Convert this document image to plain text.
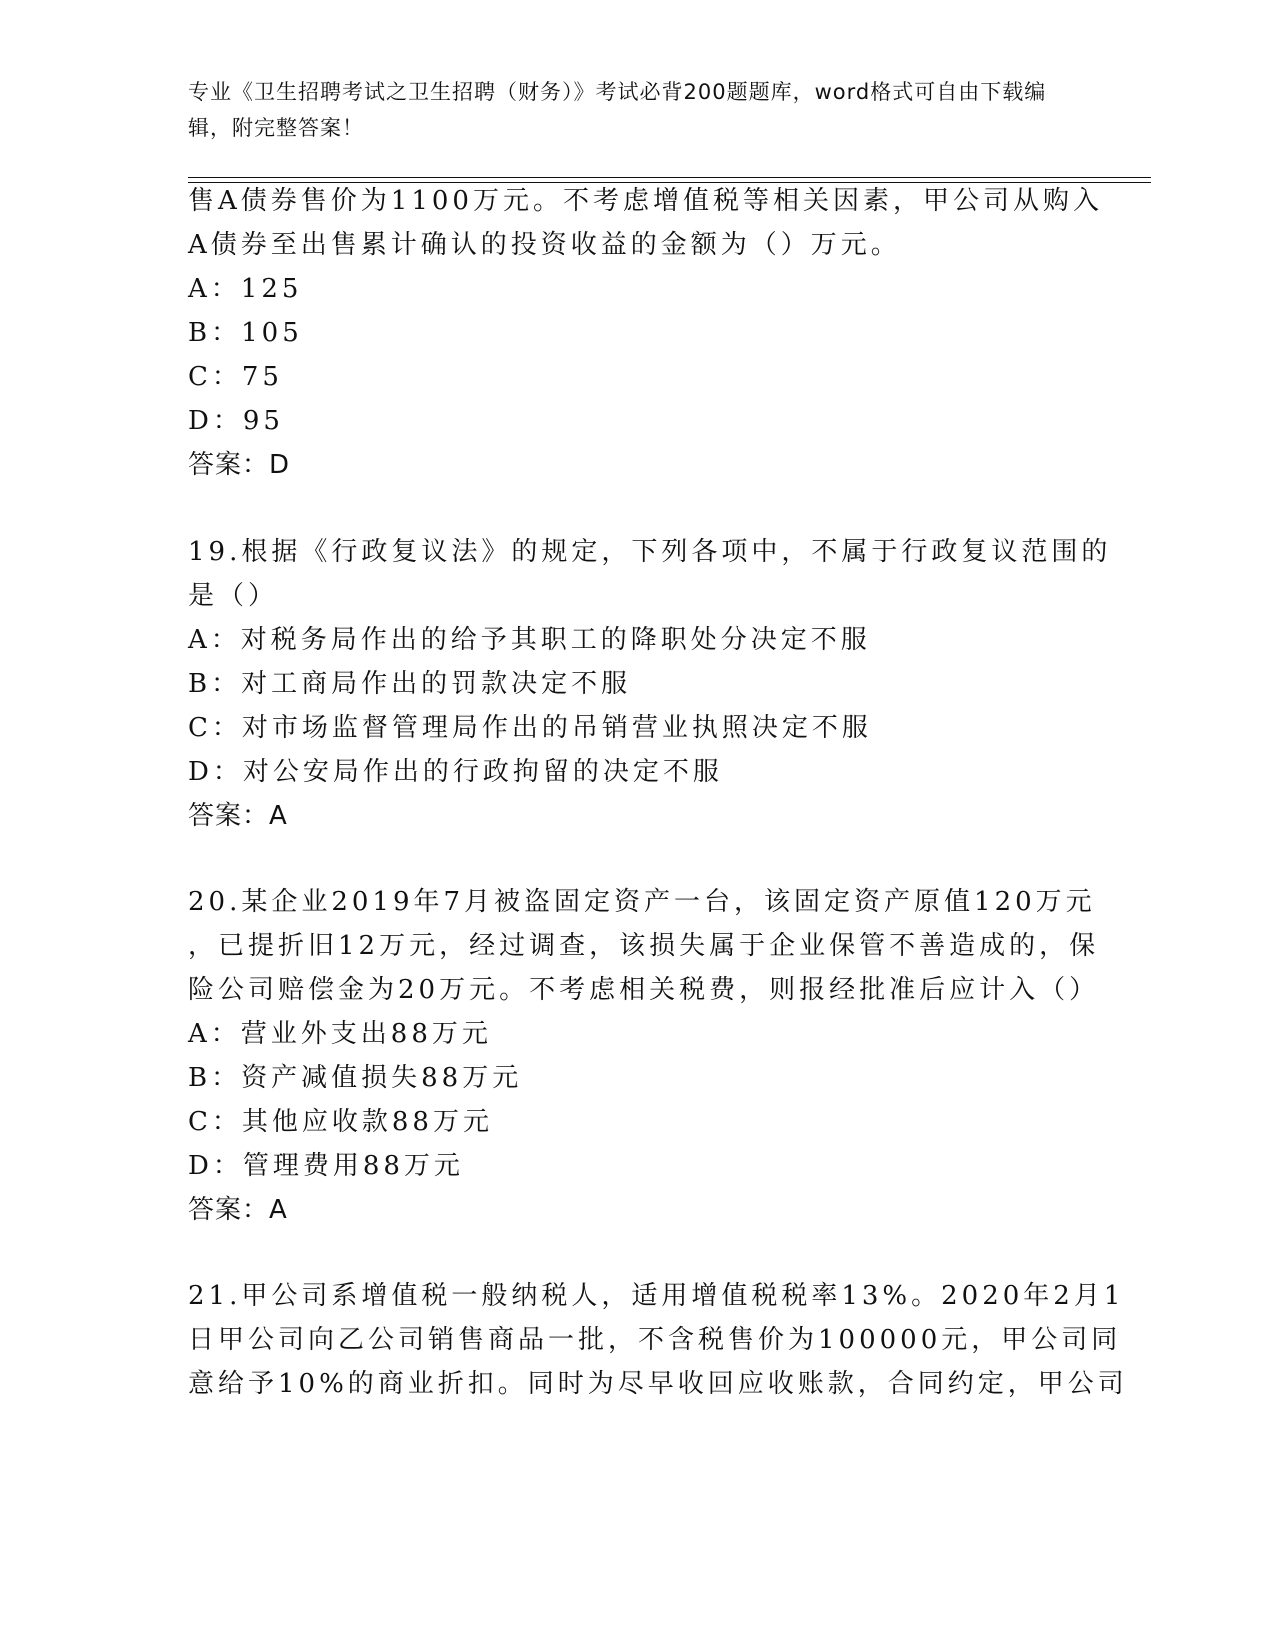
专业《卫生招聘考试之卫生招聘（财务）》考试必背200题题库，word格式可自由下载编辑，附完整答案！
售A债券售价为1100万元。不考虑增值税等相关因素，甲公司从购入
A债券至出售累计确认的投资收益的金额为（）万元。
A：125
B：105
C：75
D：95
答案：D
19.根据《行政复议法》的规定，下列各项中，不属于行政复议范围的
是（）
A：对税务局作出的给予其职工的降职处分决定不服
B：对工商局作出的罚款决定不服
C：对市场监督管理局作出的吊销营业执照决定不服
D：对公安局作出的行政拘留的决定不服
答案：A
20.某企业2019年7月被盗固定资产一台，该固定资产原值120万元
，已提折旧12万元，经过调查，该损失属于企业保管不善造成的，保
险公司赔偿金为20万元。不考虑相关税费，则报经批准后应计入（）
A：营业外支出88万元
B：资产减值损失88万元
C：其他应收款88万元
D：管理费用88万元
答案：A
21.甲公司系增值税一般纳税人，适用增值税税率13%。2020年2月1
日甲公司向乙公司销售商品一批，不含税售价为100000元，甲公司同
意给予10%的商业折扣。同时为尽早收回应收账款，合同约定，甲公司
